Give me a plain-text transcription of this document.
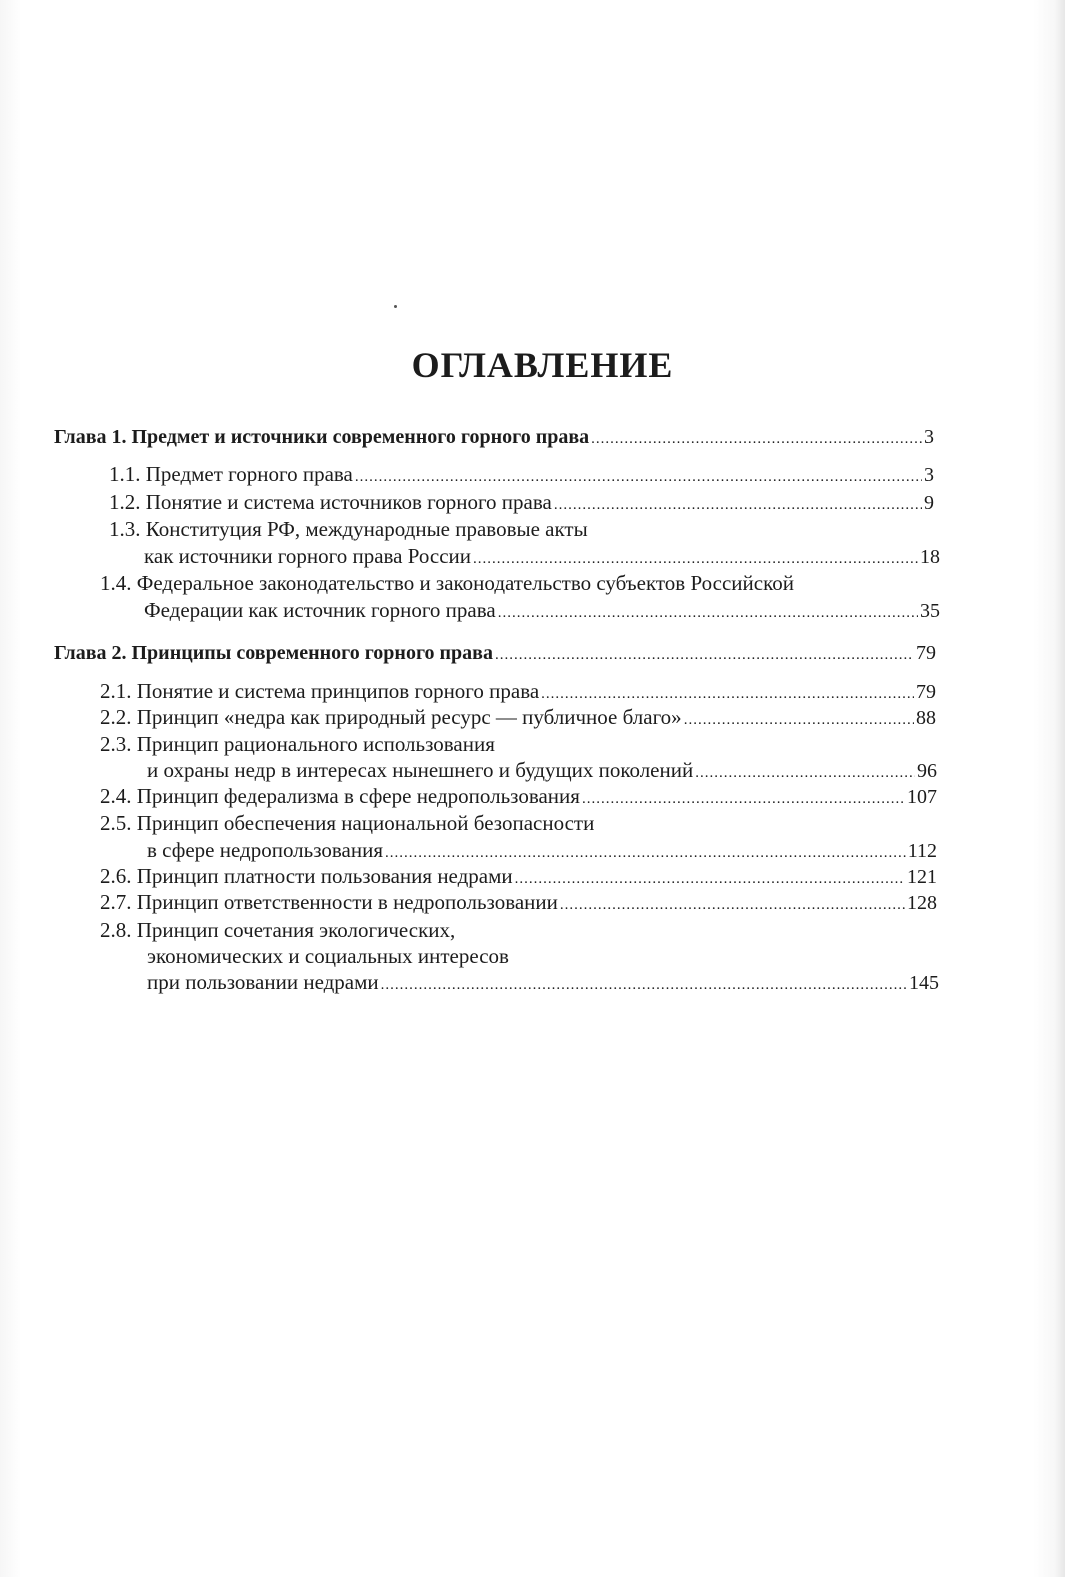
ОГЛАВЛЕНИЕ
Глава 1. Предмет и источники современного горного права .....	3
1.1. Предмет горного права .....	3
1.2. Понятие и система источников горного права .....	9
1.3. Конституция РФ, международные правовые акты
как источники горного права России .....	18
1.4. Федеральное законодательство и законодательство субъектов Российской
Федерации как источник горного права .....	35
Глава 2. Принципы современного горного права .....	79
2.1. Понятие и система принципов горного права .....	79
2.2. Принцип «недра как природный ресурс — публичное благо» .....	88
2.3. Принцип рационального использования
и охраны недр в интересах нынешнего и будущих поколений .....	96
2.4. Принцип федерализма в сфере недропользования .....	107
2.5. Принцип обеспечения национальной безопасности
в сфере недропользования .....	112
2.6. Принцип платности пользования недрами .....	121
2.7. Принцип ответственности в недропользовании .....	128
2.8. Принцип сочетания экологических,
экономических и социальных интересов
при пользовании недрами .....	145
